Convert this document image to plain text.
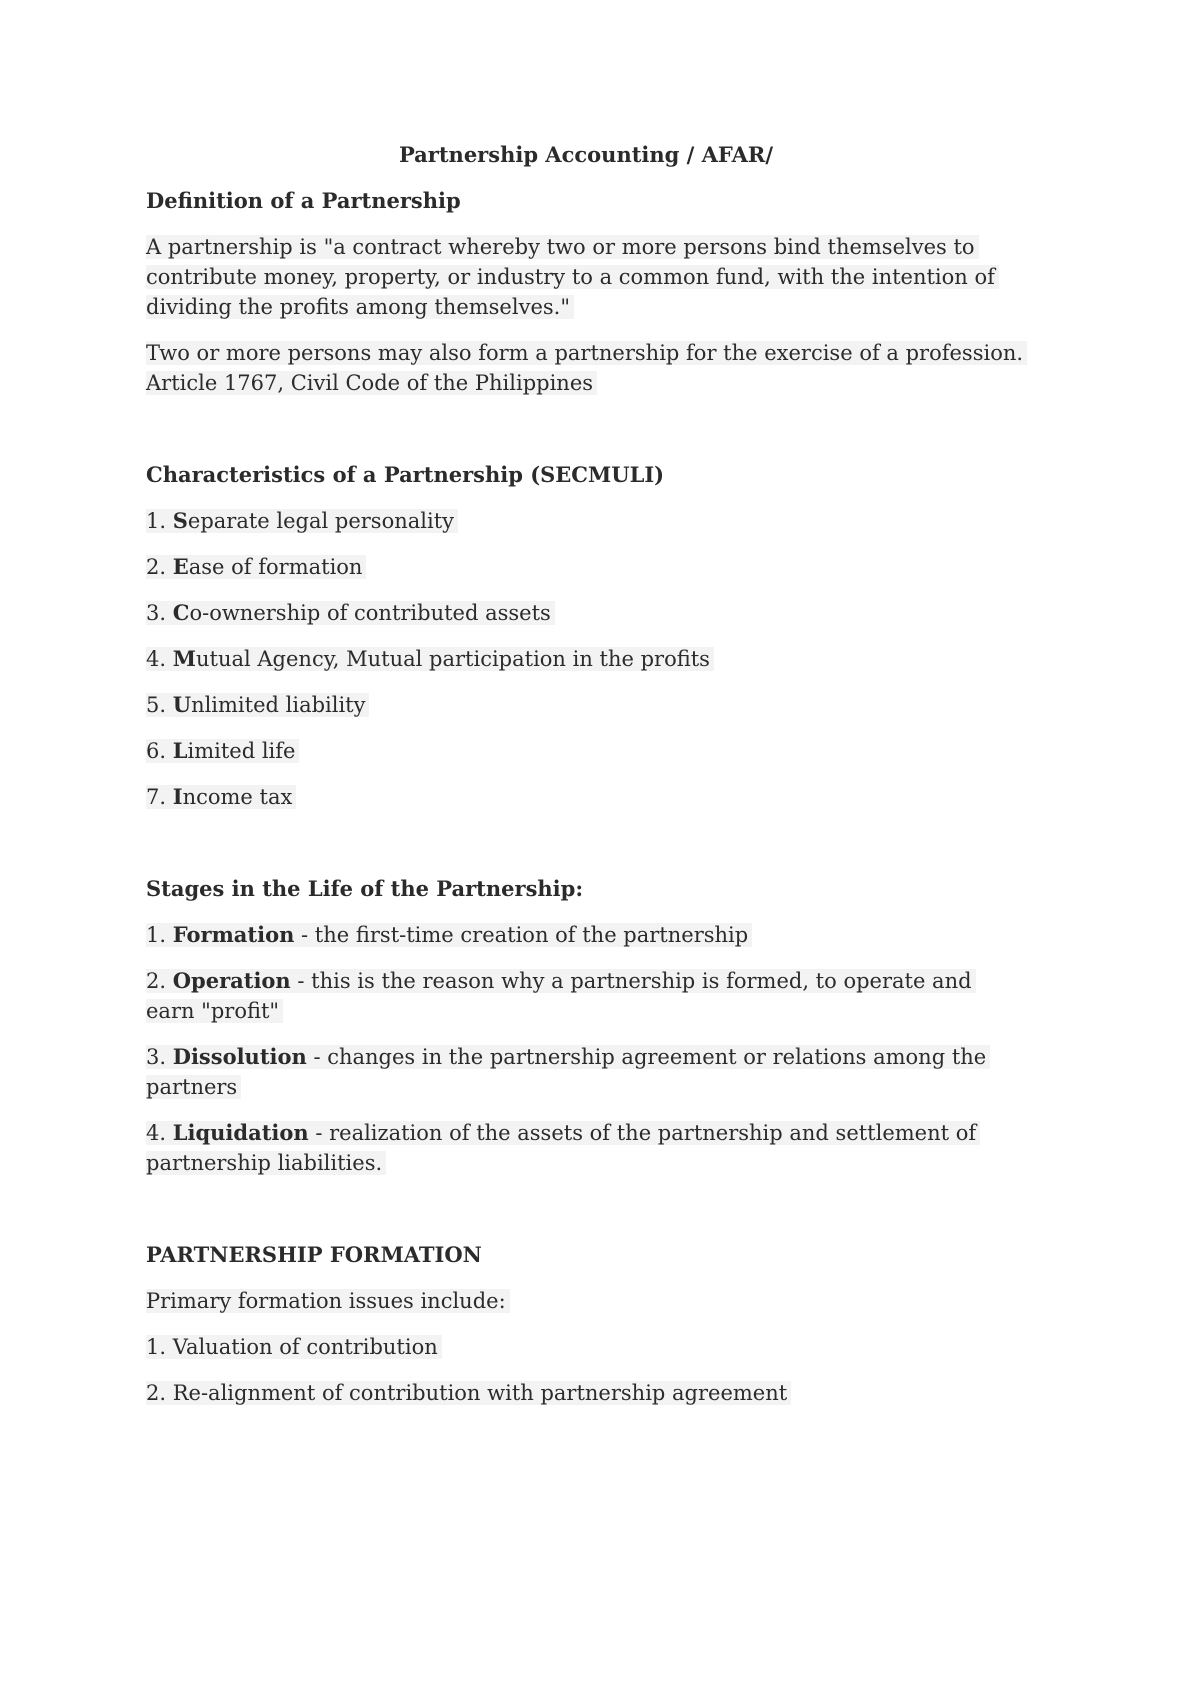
Partnership Accounting / AFAR/
Definition of a Partnership
A partnership is "a contract whereby two or more persons bind themselves to contribute money, property, or industry to a common fund, with the intention of dividing the profits among themselves."
Two or more persons may also form a partnership for the exercise of a profession. Article 1767, Civil Code of the Philippines
Characteristics of a Partnership (SECMULI)
1. Separate legal personality
2. Ease of formation
3. Co-ownership of contributed assets
4. Mutual Agency, Mutual participation in the profits
5. Unlimited liability
6. Limited life
7. Income tax
Stages in the Life of the Partnership:
1. Formation - the first-time creation of the partnership
2. Operation - this is the reason why a partnership is formed, to operate and earn "profit"
3. Dissolution - changes in the partnership agreement or relations among the partners
4. Liquidation - realization of the assets of the partnership and settlement of partnership liabilities.
PARTNERSHIP FORMATION
Primary formation issues include:
1. Valuation of contribution
2. Re-alignment of contribution with partnership agreement
